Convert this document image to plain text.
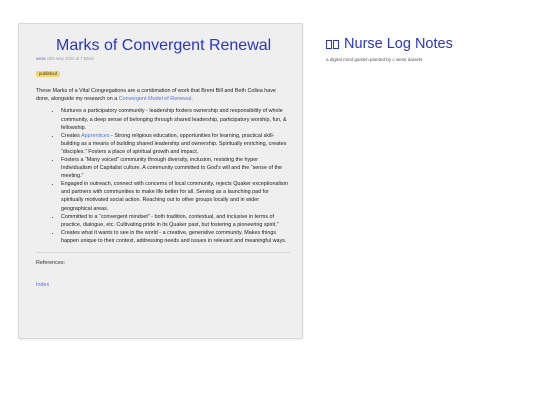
Marks of Convergent Renewal
wess 16th May 2020 at 7:50am
published

These Marks of a Vital Congregations are a combination of work that Brent Bill and Beth Collea have done, alongside my research on a Convergent Model of Renewal.

• Nurtures a participatory community - leadership fosters ownership and responsibility of whole community, a deep sense of belonging through shared leadership, participatory worship, fun, & fellowship.
• Creates Apprentices - Strong religious education, opportunities for learning, practical skill-building as a means of building shared leadership and ownership. Spiritually enriching, creates “disciples.” Fosters a place of spiritual growth and impact.
• Fosters a “Many voiced” community through diversity, inclusion, resisting the hyper Individualism of Capitalist culture. A community committed to God's will and the “sense of the meeting.”
• Engaged in outreach, connect with concerns of local community, rejects Quaker exceptionalism and partners with communities to make life better for all. Serving as a launching pad for spiritually motivated social action. Reaching out to other groups locally and in wider geographical areas.
• Committed to a “convergent mindset” - both tradition, contextual, and inclusive in terms of practice, dialogue, etc. Cultivating pride in its Quaker past, but fostering a pioneering spirit.”
• Creates what it wants to see in the world - a creative, generative community. Makes things happen unique to their context, addressing needs and issues in relevant and meaningful ways.
References:
Index
Nurse Log Notes
a digital mind garden planted by c wess daniels
